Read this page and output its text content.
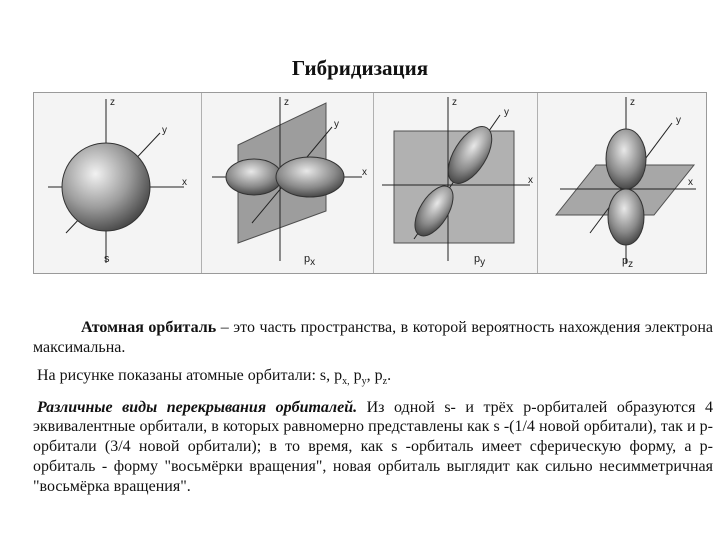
Гибридизация
z
y
x
s
z
y
x
$p_x$
z
y
x
$p_y$
z
y
x
$p_z$

Атомная орбиталь – это часть пространства, в которой вероятность нахождения электрона максимальна.

На рисунке показаны атомные орбитали: s, $p_{x,}$ $p_y$, $p_z$.

Различные виды перекрывания орбиталей. Из одной s- и трёх p-орбиталей образуются 4 эквивалентные орбитали, в которых равномерно представлены как s -(1/4 новой орбитали), так и p-орбитали (3/4 новой орбитали); в то время, как s -орбиталь имеет сферическую форму, а p-орбиталь - форму "восьмёрки вращения", новая орбиталь выглядит как сильно несимметричная "восьмёрка вращения".
